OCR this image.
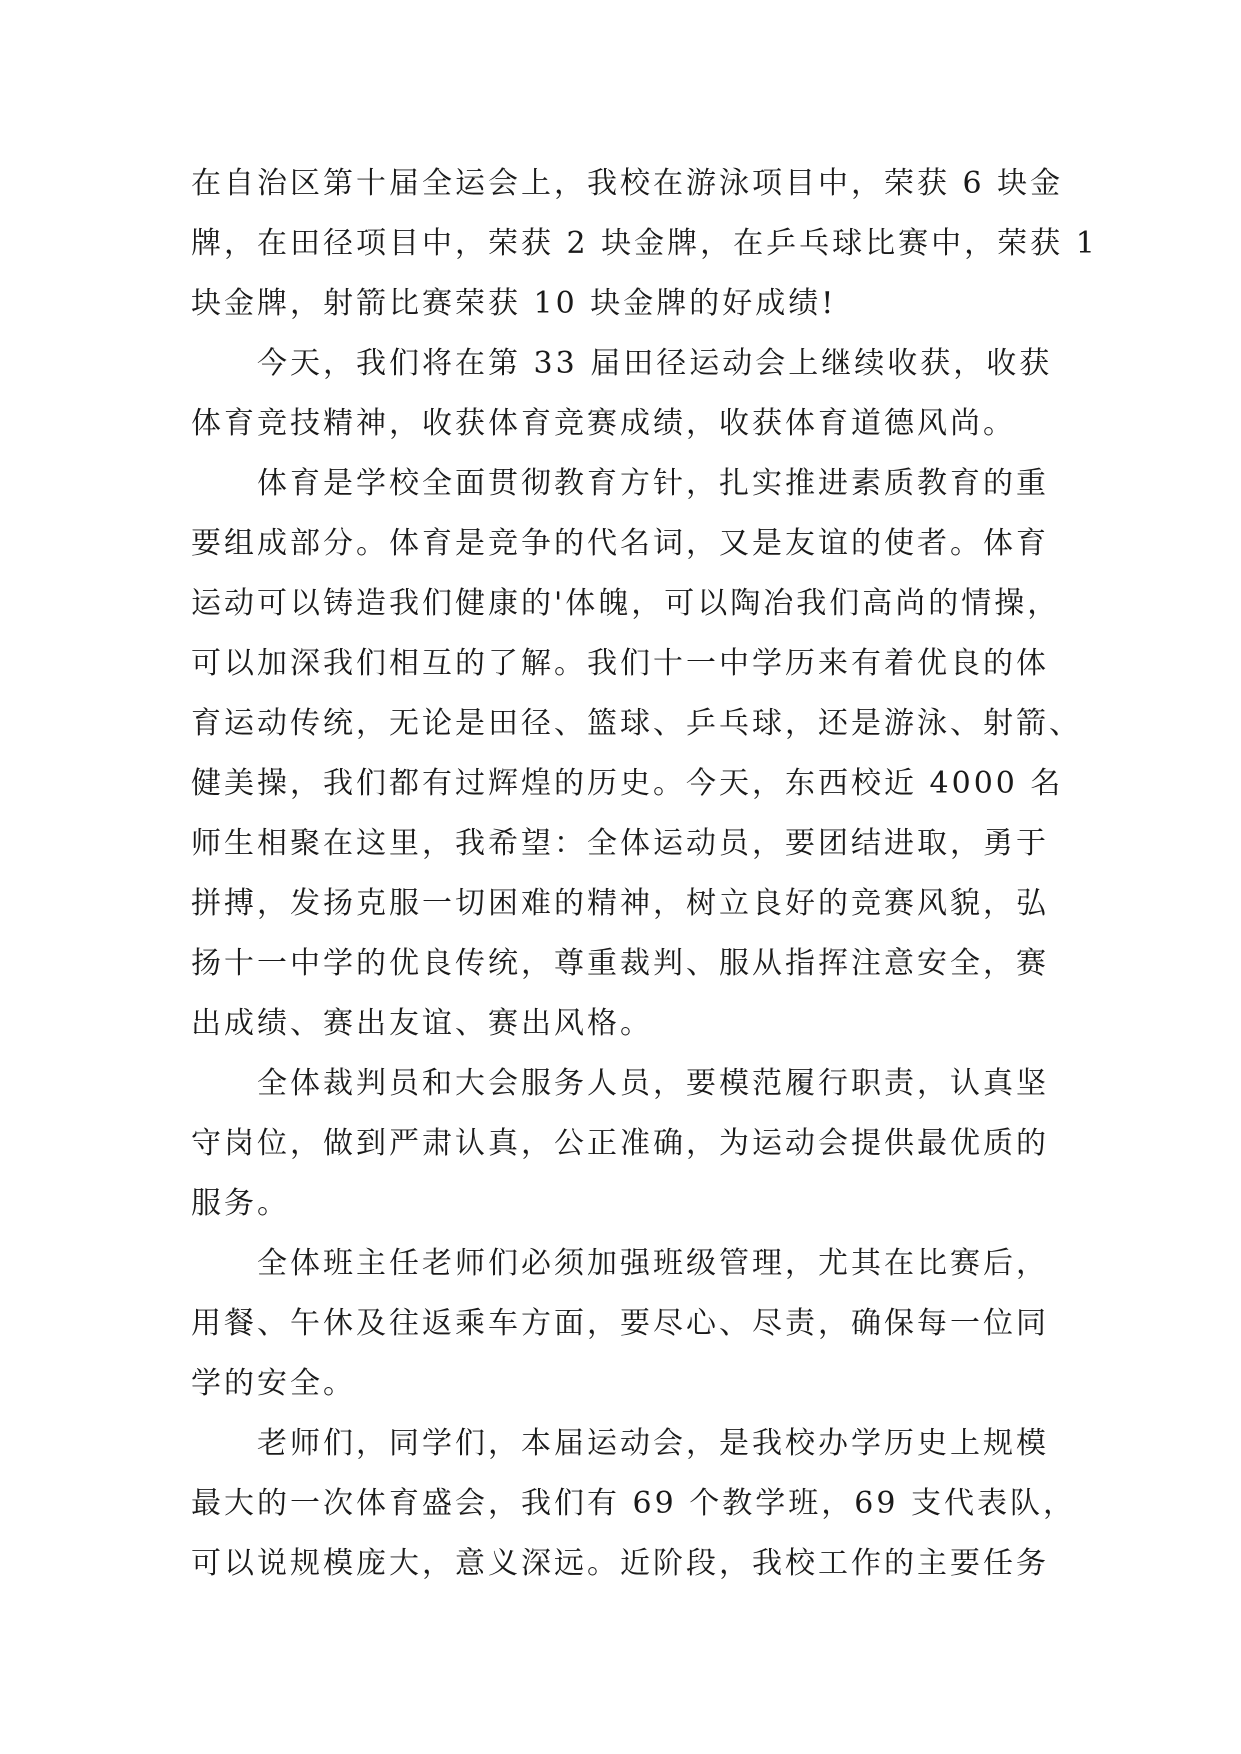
在自治区第十届全运会上，我校在游泳项目中，荣获 6 块金
牌，在田径项目中，荣获 2 块金牌，在乒乓球比赛中，荣获 1
块金牌，射箭比赛荣获 10 块金牌的好成绩!
今天，我们将在第 33 届田径运动会上继续收获，收获
体育竞技精神，收获体育竞赛成绩，收获体育道德风尚。
体育是学校全面贯彻教育方针，扎实推进素质教育的重
要组成部分。体育是竞争的代名词，又是友谊的使者。体育
运动可以铸造我们健康的'体魄，可以陶冶我们高尚的情操，
可以加深我们相互的了解。我们十一中学历来有着优良的体
育运动传统，无论是田径、篮球、乒乓球，还是游泳、射箭、
健美操，我们都有过辉煌的历史。今天，东西校近 4000 名
师生相聚在这里，我希望：全体运动员，要团结进取，勇于
拼搏，发扬克服一切困难的精神，树立良好的竞赛风貌，弘
扬十一中学的优良传统，尊重裁判、服从指挥注意安全，赛
出成绩、赛出友谊、赛出风格。
全体裁判员和大会服务人员，要模范履行职责，认真坚
守岗位，做到严肃认真，公正准确，为运动会提供最优质的
服务。
全体班主任老师们必须加强班级管理，尤其在比赛后，
用餐、午休及往返乘车方面，要尽心、尽责，确保每一位同
学的安全。
老师们，同学们，本届运动会，是我校办学历史上规模
最大的一次体育盛会，我们有 69 个教学班，69 支代表队，
可以说规模庞大，意义深远。近阶段，我校工作的主要任务
